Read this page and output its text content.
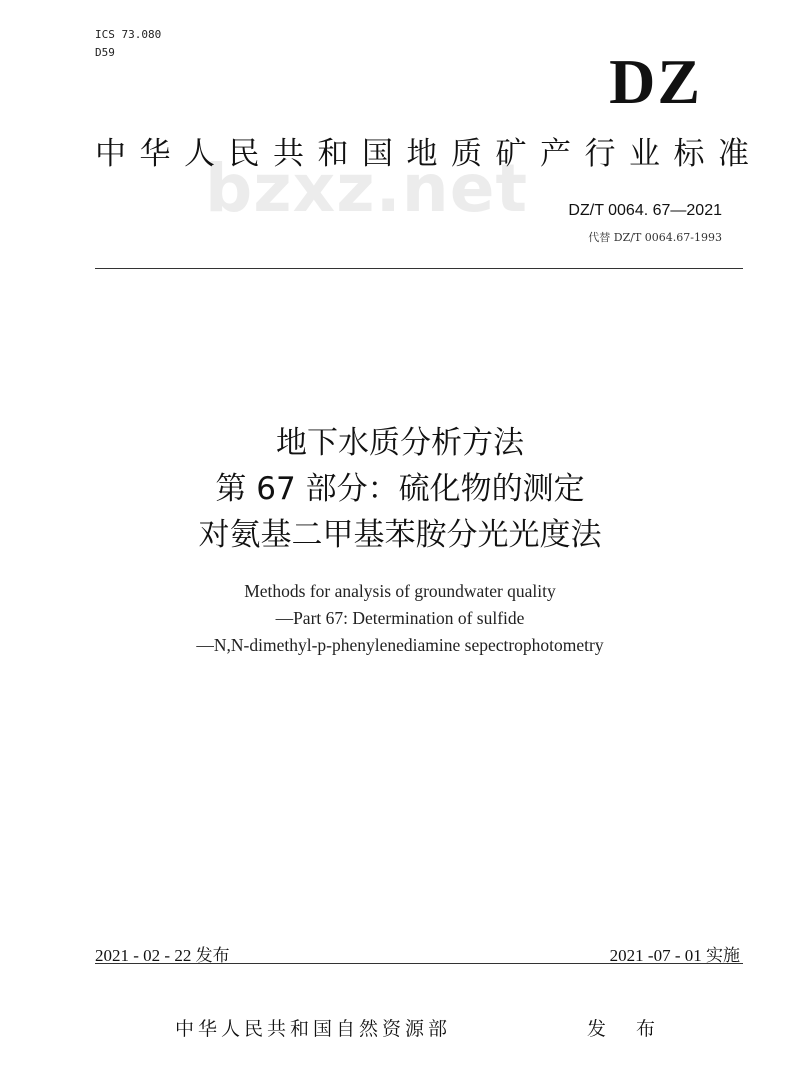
ICS 73.080
D59	DZ
bzxz.net
中华人民共和国地质矿产行业标准
DZ/T 0064. 67—2021
代替 DZ/T 0064.67-1993
地下水质分析方法
第 67 部分：硫化物的测定
对氨基二甲基苯胺分光光度法
Methods for analysis of groundwater quality
—Part 67: Determination of sulfide
—N,N-dimethyl-p-phenylenediamine sepectrophotometry
2021 - 02 - 22 发布	2021 -07 - 01 实施
中华人民共和国自然资源部	发 布
